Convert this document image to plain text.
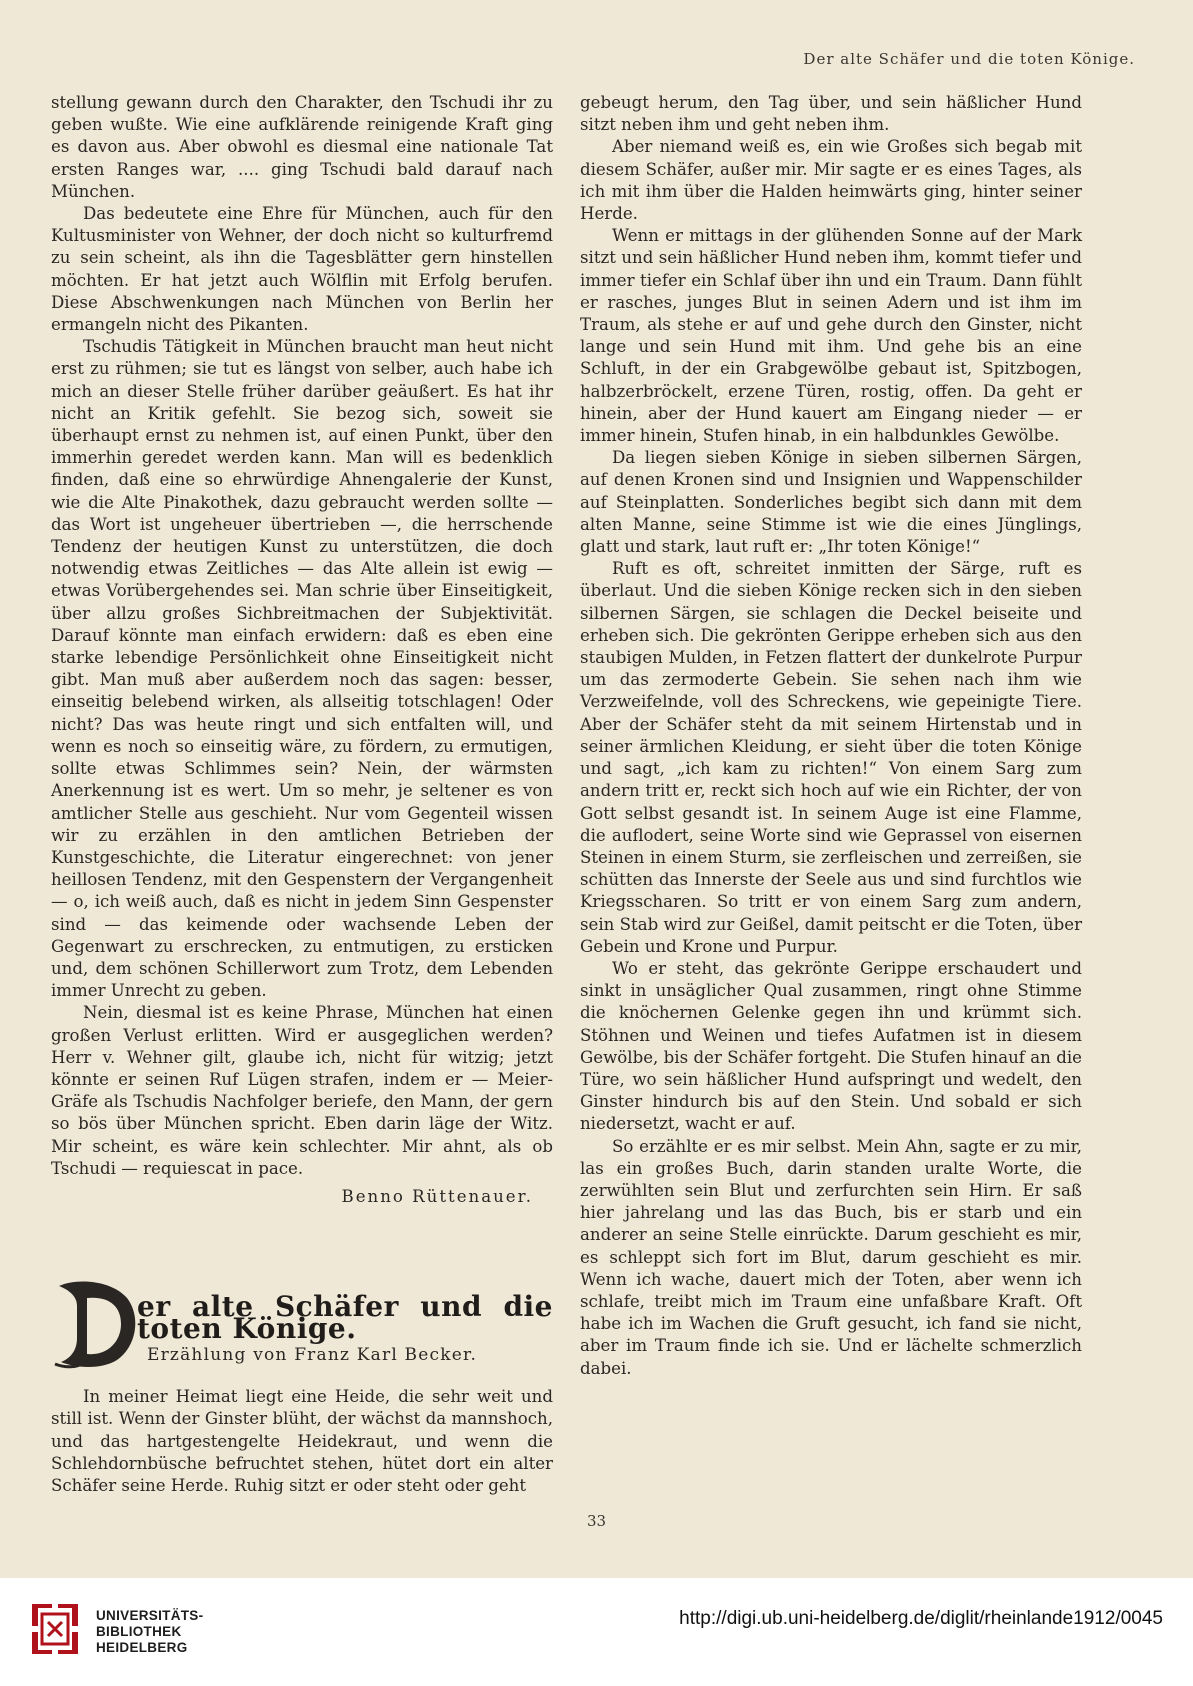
Der alte Schäfer und die toten Könige.

stellung gewann durch den Charakter, den Tschudi ihr zu geben wußte. Wie eine aufklärende reinigende Kraft ging es davon aus. Aber obwohl es diesmal eine nationale Tat ersten Ranges war, .... ging Tschudi bald darauf nach München.

Das bedeutete eine Ehre für München, auch für den Kultusminister von Wehner, der doch nicht so kulturfremd zu sein scheint, als ihn die Tagesblätter gern hinstellen möchten. Er hat jetzt auch Wölflin mit Erfolg berufen. Diese Abschwenkungen nach München von Berlin her ermangeln nicht des Pikanten.

Tschudis Tätigkeit in München braucht man heut nicht erst zu rühmen; sie tut es längst von selber, auch habe ich mich an dieser Stelle früher darüber geäußert. Es hat ihr nicht an Kritik gefehlt. Sie bezog sich, soweit sie überhaupt ernst zu nehmen ist, auf einen Punkt, über den immerhin geredet werden kann. Man will es bedenklich finden, daß eine so ehrwürdige Ahnengalerie der Kunst, wie die Alte Pinakothek, dazu gebraucht werden sollte — das Wort ist ungeheuer übertrieben —, die herrschende Tendenz der heutigen Kunst zu unterstützen, die doch notwendig etwas Zeitliches — das Alte allein ist ewig — etwas Vorübergehendes sei. Man schrie über Einseitigkeit, über allzu großes Sichbreitmachen der Subjektivität. Darauf könnte man einfach erwidern: daß es eben eine starke lebendige Persönlichkeit ohne Einseitigkeit nicht gibt. Man muß aber außerdem noch das sagen: besser, einseitig belebend wirken, als allseitig totschlagen! Oder nicht? Das was heute ringt und sich entfalten will, und wenn es noch so einseitig wäre, zu fördern, zu ermutigen, sollte etwas Schlimmes sein? Nein, der wärmsten Anerkennung ist es wert. Um so mehr, je seltener es von amtlicher Stelle aus geschieht. Nur vom Gegenteil wissen wir zu erzählen in den amtlichen Betrieben der Kunstgeschichte, die Literatur eingerechnet: von jener heillosen Tendenz, mit den Gespenstern der Vergangenheit — o, ich weiß auch, daß es nicht in jedem Sinn Gespenster sind — das keimende oder wachsende Leben der Gegenwart zu erschrecken, zu entmutigen, zu ersticken und, dem schönen Schillerwort zum Trotz, dem Lebenden immer Unrecht zu geben.

Nein, diesmal ist es keine Phrase, München hat einen großen Verlust erlitten. Wird er ausgeglichen werden? Herr v. Wehner gilt, glaube ich, nicht für witzig; jetzt könnte er seinen Ruf Lügen strafen, indem er — Meier-Gräfe als Tschudis Nachfolger beriefe, den Mann, der gern so bös über München spricht. Eben darin läge der Witz. Mir scheint, es wäre kein schlechter. Mir ahnt, als ob Tschudi — requiescat in pace.

Benno Rüttenauer.

er alte Schäfer und die toten Könige.
Erzählung von Franz Karl Becker.

In meiner Heimat liegt eine Heide, die sehr weit und still ist. Wenn der Ginster blüht, der wächst da mannshoch, und das hartgestengelte Heidekraut, und wenn die Schlehdornbüsche befruchtet stehen, hütet dort ein alter Schäfer seine Herde. Ruhig sitzt er oder steht oder geht

gebeugt herum, den Tag über, und sein häßlicher Hund sitzt neben ihm und geht neben ihm.

Aber niemand weiß es, ein wie Großes sich begab mit diesem Schäfer, außer mir. Mir sagte er es eines Tages, als ich mit ihm über die Halden heimwärts ging, hinter seiner Herde.

Wenn er mittags in der glühenden Sonne auf der Mark sitzt und sein häßlicher Hund neben ihm, kommt tiefer und immer tiefer ein Schlaf über ihn und ein Traum. Dann fühlt er rasches, junges Blut in seinen Adern und ist ihm im Traum, als stehe er auf und gehe durch den Ginster, nicht lange und sein Hund mit ihm. Und gehe bis an eine Schluft, in der ein Grabgewölbe gebaut ist, Spitzbogen, halbzerbröckelt, erzene Türen, rostig, offen. Da geht er hinein, aber der Hund kauert am Eingang nieder — er immer hinein, Stufen hinab, in ein halbdunkles Gewölbe.

Da liegen sieben Könige in sieben silbernen Särgen, auf denen Kronen sind und Insignien und Wappenschilder auf Steinplatten. Sonderliches begibt sich dann mit dem alten Manne, seine Stimme ist wie die eines Jünglings, glatt und stark, laut ruft er: „Ihr toten Könige!“

Ruft es oft, schreitet inmitten der Särge, ruft es überlaut. Und die sieben Könige recken sich in den sieben silbernen Särgen, sie schlagen die Deckel beiseite und erheben sich. Die gekrönten Gerippe erheben sich aus den staubigen Mulden, in Fetzen flattert der dunkelrote Purpur um das zermoderte Gebein. Sie sehen nach ihm wie Verzweifelnde, voll des Schreckens, wie gepeinigte Tiere. Aber der Schäfer steht da mit seinem Hirtenstab und in seiner ärmlichen Kleidung, er sieht über die toten Könige und sagt, „ich kam zu richten!“ Von einem Sarg zum andern tritt er, reckt sich hoch auf wie ein Richter, der von Gott selbst gesandt ist. In seinem Auge ist eine Flamme, die auflodert, seine Worte sind wie Geprassel von eisernen Steinen in einem Sturm, sie zerfleischen und zerreißen, sie schütten das Innerste der Seele aus und sind furchtlos wie Kriegsscharen. So tritt er von einem Sarg zum andern, sein Stab wird zur Geißel, damit peitscht er die Toten, über Gebein und Krone und Purpur.

Wo er steht, das gekrönte Gerippe erschaudert und sinkt in unsäglicher Qual zusammen, ringt ohne Stimme die knöchernen Gelenke gegen ihn und krümmt sich. Stöhnen und Weinen und tiefes Aufatmen ist in diesem Gewölbe, bis der Schäfer fortgeht. Die Stufen hinauf an die Türe, wo sein häßlicher Hund aufspringt und wedelt, den Ginster hindurch bis auf den Stein. Und sobald er sich niedersetzt, wacht er auf.

So erzählte er es mir selbst. Mein Ahn, sagte er zu mir, las ein großes Buch, darin standen uralte Worte, die zerwühlten sein Blut und zerfurchten sein Hirn. Er saß hier jahrelang und las das Buch, bis er starb und ein anderer an seine Stelle einrückte. Darum geschieht es mir, es schleppt sich fort im Blut, darum geschieht es mir. Wenn ich wache, dauert mich der Toten, aber wenn ich schlafe, treibt mich im Traum eine unfaßbare Kraft. Oft habe ich im Wachen die Gruft gesucht, ich fand sie nicht, aber im Traum finde ich sie. Und er lächelte schmerzlich dabei.

33
UNIVERSITÄTS-
BIBLIOTHEK
HEIDELBERG
http://digi.ub.uni-heidelberg.de/diglit/rheinlande1912/0045
